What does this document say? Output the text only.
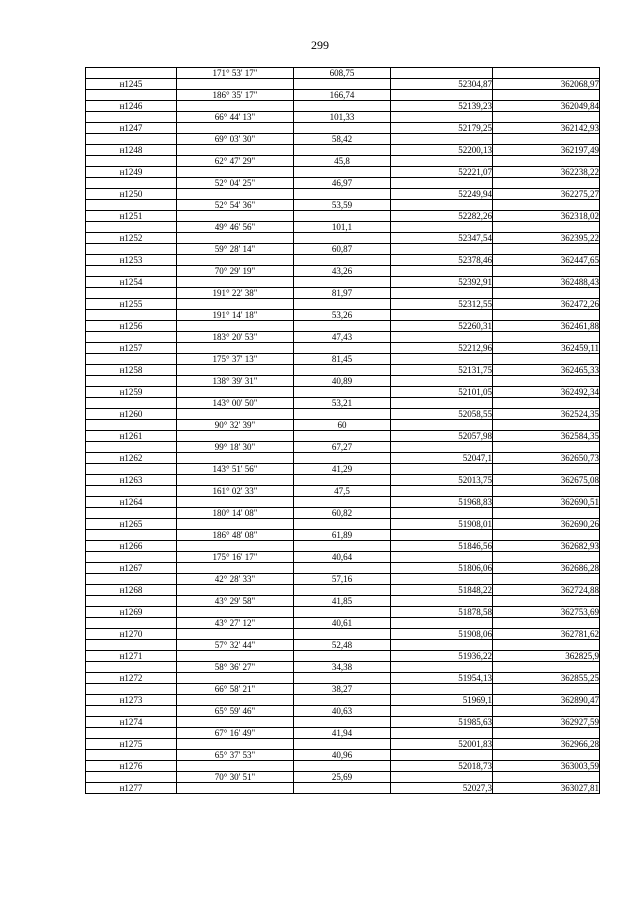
299
	171° 53' 17"	608,75		
н1245			52304,87	362068,97
	186° 35' 17"	166,74		
н1246			52139,23	362049,84
	66° 44' 13"	101,33		
н1247			52179,25	362142,93
	69° 03' 30"	58,42		
н1248			52200,13	362197,49
	62° 47' 29"	45,8		
н1249			52221,07	362238,22
	52° 04' 25"	46,97		
н1250			52249,94	362275,27
	52° 54' 36"	53,59		
н1251			52282,26	362318,02
	49° 46' 56"	101,1		
н1252			52347,54	362395,22
	59° 28' 14"	60,87		
н1253			52378,46	362447,65
	70° 29' 19"	43,26		
н1254			52392,91	362488,43
	191° 22' 38"	81,97		
н1255			52312,55	362472,26
	191° 14' 18"	53,26		
н1256			52260,31	362461,88
	183° 20' 53"	47,43		
н1257			52212,96	362459,11
	175° 37' 13"	81,45		
н1258			52131,75	362465,33
	138° 39' 31"	40,89		
н1259			52101,05	362492,34
	143° 00' 50"	53,21		
н1260			52058,55	362524,35
	90° 32' 39"	60		
н1261			52057,98	362584,35
	99° 18' 30"	67,27		
н1262			52047,1	362650,73
	143° 51' 56"	41,29		
н1263			52013,75	362675,08
	161° 02' 33"	47,5		
н1264			51968,83	362690,51
	180° 14' 08"	60,82		
н1265			51908,01	362690,26
	186° 48' 08"	61,89		
н1266			51846,56	362682,93
	175° 16' 17"	40,64		
н1267			51806,06	362686,28
	42° 28' 33"	57,16		
н1268			51848,22	362724,88
	43° 29' 58"	41,85		
н1269			51878,58	362753,69
	43° 27' 12"	40,61		
н1270			51908,06	362781,62
	57° 32' 44"	52,48		
н1271			51936,22	362825,9
	58° 36' 27"	34,38		
н1272			51954,13	362855,25
	66° 58' 21"	38,27		
н1273			51969,1	362890,47
	65° 59' 46"	40,63		
н1274			51985,63	362927,59
	67° 16' 49"	41,94		
н1275			52001,83	362966,28
	65° 37' 53"	40,96		
н1276			52018,73	363003,59
	70° 30' 51"	25,69		
н1277			52027,3	363027,81
